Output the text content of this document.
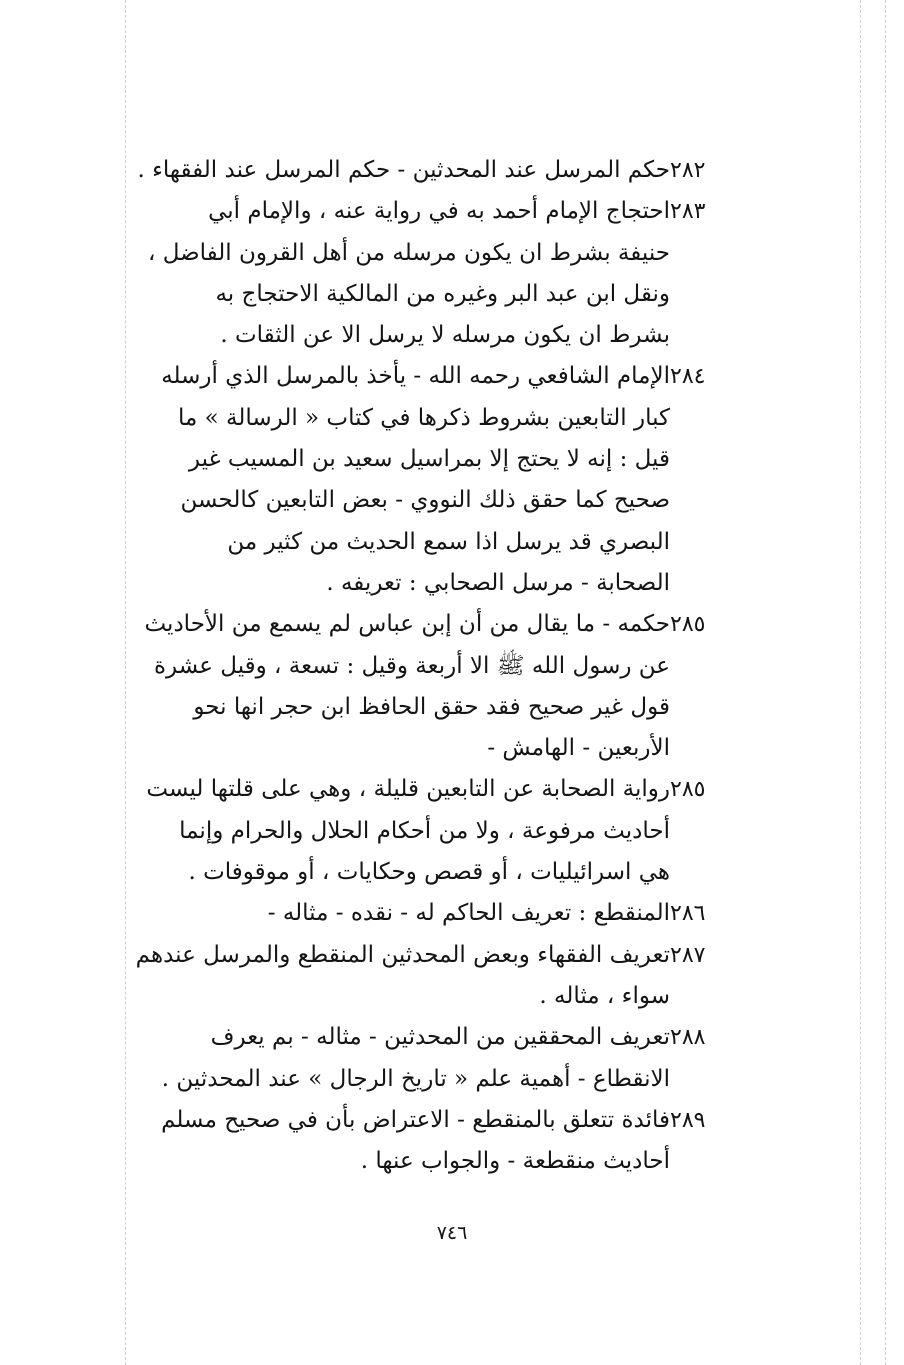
حكم المرسل عند المحدثين - حكم المرسل عند الفقهاء . ٢٨٢
احتجاج الإمام أحمد به في رواية عنه ، والإمام أبي
حنيفة بشرط ان يكون مرسله من أهل القرون الفاضل ،
ونقل ابن عبد البر وغيره من المالكية الاحتجاج به
بشرط ان يكون مرسله لا يرسل الا عن الثقات .
٢٨٣
الإمام الشافعي رحمه الله - يأخذ بالمرسل الذي أرسله
كبار التابعين بشروط ذكرها في كتاب « الرسالة » ما
قيل : إنه لا يحتج إلا بمراسيل سعيد بن المسيب غير
صحيح كما حقق ذلك النووي - بعض التابعين كالحسن
البصري قد يرسل اذا سمع الحديث من كثير من
الصحابة - مرسل الصحابي : تعريفه .
٢٨٤
حكمه - ما يقال من أن إبن عباس لم يسمع من الأحاديث
عن رسول الله ﷺ الا أربعة وقيل : تسعة ، وقيل عشرة
قول غير صحيح فقد حقق الحافظ ابن حجر انها نحو
الأربعين - الهامش -
٢٨٥
رواية الصحابة عن التابعين قليلة ، وهي على قلتها ليست
أحاديث مرفوعة ، ولا من أحكام الحلال والحرام وإنما
هي اسرائيليات ، أو قصص وحكايات ، أو موقوفات .
٢٨٥
المنقطع : تعريف الحاكم له - نقده - مثاله - ٢٨٦
تعريف الفقهاء وبعض المحدثين المنقطع والمرسل عندهم
سواء ، مثاله .
٢٨٧
تعريف المحققين من المحدثين - مثاله - بم يعرف
الانقطاع - أهمية علم « تاريخ الرجال » عند المحدثين .
٢٨٨
فائدة تتعلق بالمنقطع - الاعتراض بأن في صحيح مسلم
أحاديث منقطعة - والجواب عنها .
٢٨٩
٧٤٦
